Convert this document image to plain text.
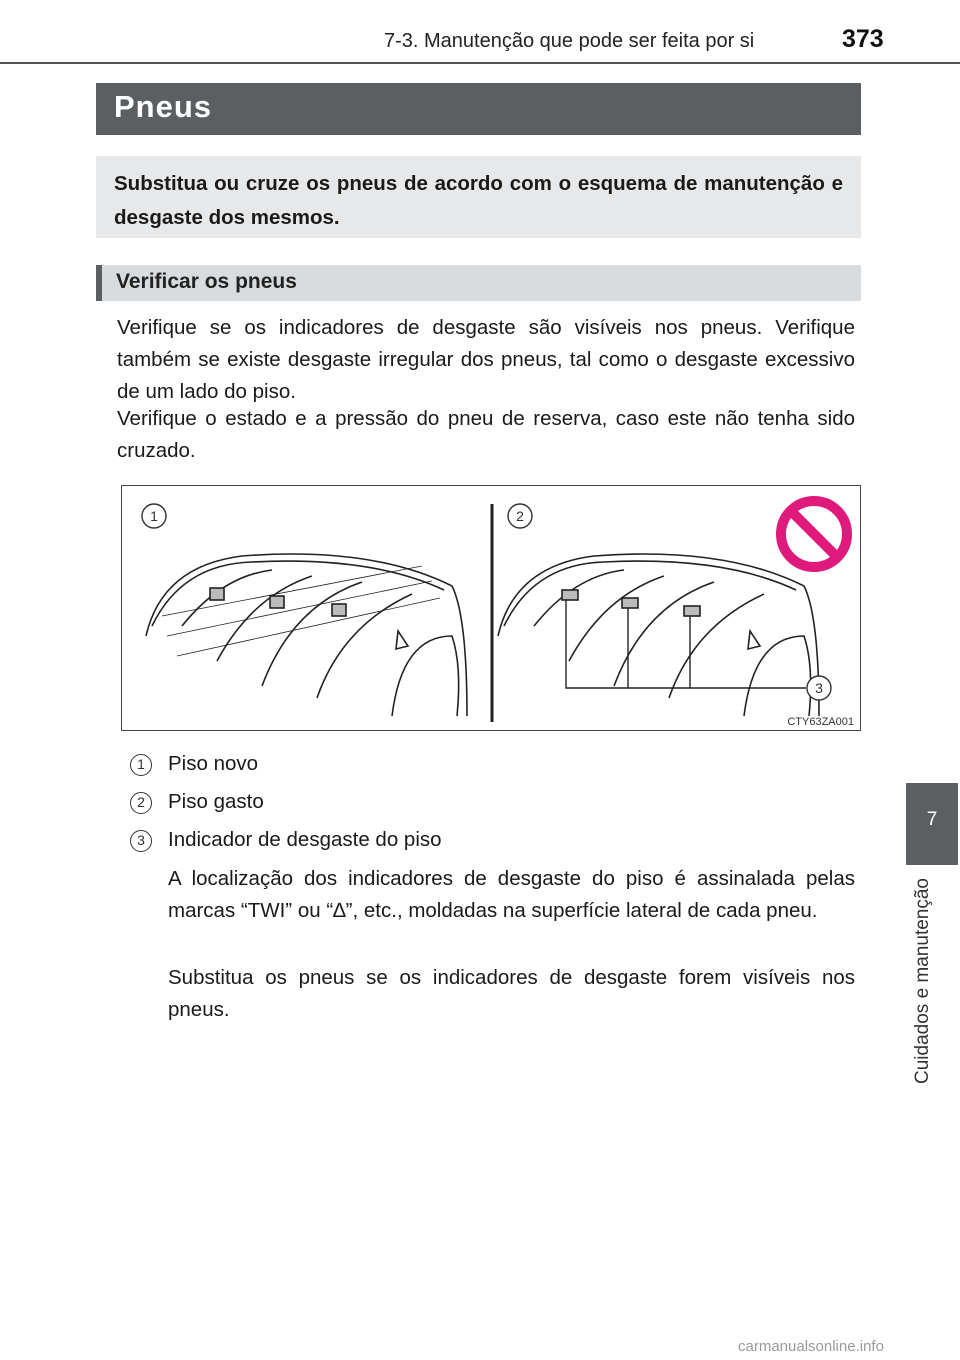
7-3. Manutenção que pode ser feita por si	373
Pneus
Substitua ou cruze os pneus de acordo com o esquema de manutenção e desgaste dos mesmos.
Verificar os pneus

Verifique se os indicadores de desgaste são visíveis nos pneus. Verifique também se existe desgaste irregular dos pneus, tal como o desgaste excessivo de um lado do piso.

Verifique o estado e a pressão do pneu de reserva, caso este não tenha sido cruzado.

1	2
3
CTY63ZA001
1	Piso novo
2	Piso gasto
3	Indicador de desgaste do piso

A localização dos indicadores de desgaste do piso é assinalada pelas marcas “TWI” ou “∆”, etc., moldadas na superfície lateral de cada pneu.

Substitua os pneus se os indicadores de desgaste forem visíveis nos pneus.

7
Cuidados e manutenção
carmanualsonline.info
